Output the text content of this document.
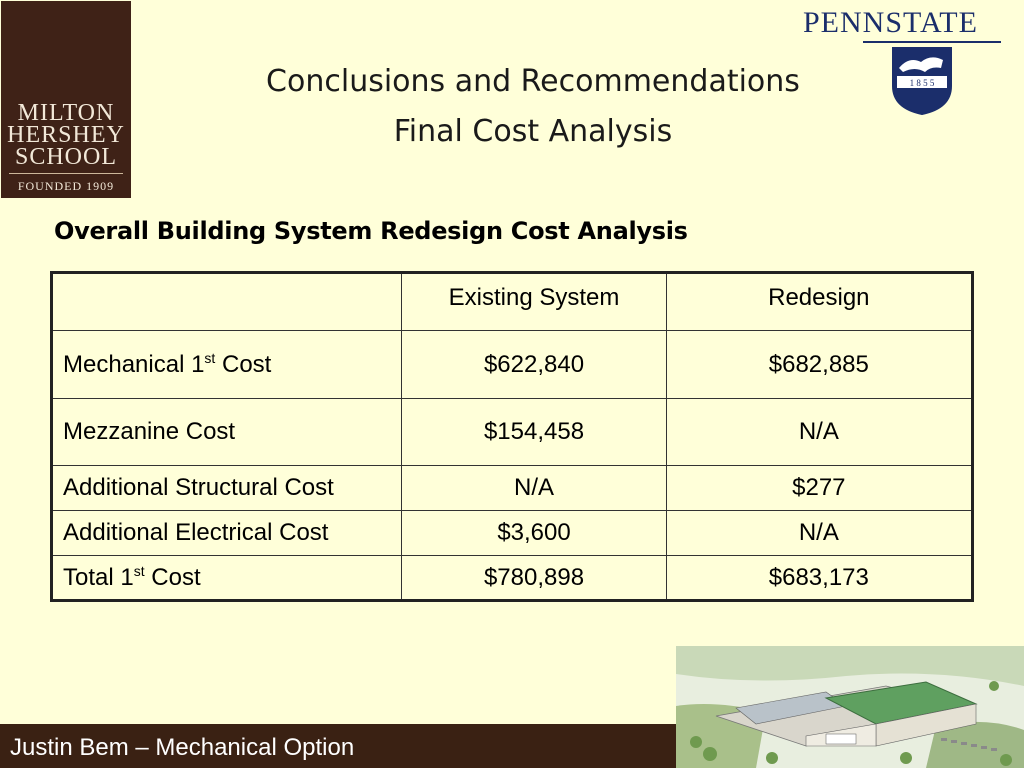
MILTON
HERSHEY
SCHOOL
FOUNDED 1909
PENNSTATE
1 8 5 5
Conclusions and Recommendations
Final Cost Analysis
Overall Building System Redesign Cost Analysis
	Existing System	Redesign
Mechanical 1st Cost	$622,840	$682,885
Mezzanine Cost	$154,458	N/A
Additional Structural Cost	N/A	$277
Additional Electrical Cost	$3,600	N/A
Total 1st Cost	$780,898	$683,173
Justin Bem – Mechanical Option
